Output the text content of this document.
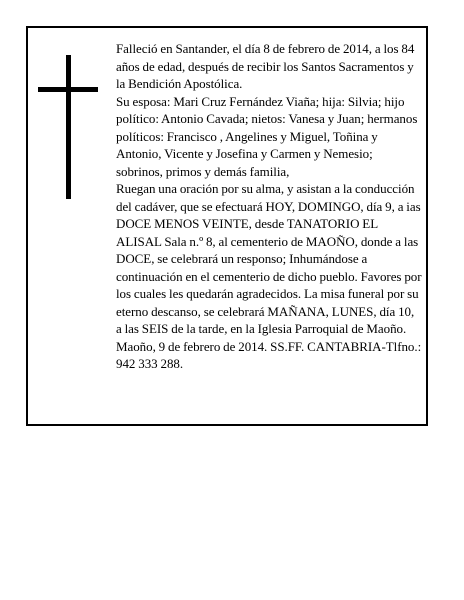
Falleció en Santander, el día 8 de febrero de 2014, a los 84 años de edad, después de recibir los Santos Sacramentos y la Bendición Apostólica.

Su esposa: Mari Cruz Fernández Viaña; hija: Silvia; hijo político: Antonio Cavada; nietos: Vanesa y Juan; hermanos políticos: Francisco , Angelines y Miguel, Toñina y Antonio, Vicente y Josefina y Carmen y Nemesio; sobrinos, primos y demás familia,

Ruegan una oración por su alma, y asistan a la conducción del cadáver, que se efectuará HOY, DOMINGO, día 9, a ias DOCE MENOS VEINTE, desde TANATORIO EL ALISAL Sala n.º 8, al cementerio de MAOÑO, donde a las DOCE, se celebrará un responso; Inhumándose a continuación en el cementerio de dicho pueblo. Favores por los cuales les quedarán agradecidos. La misa funeral por su eterno descanso, se celebrará MAÑANA, LUNES, día 10, a las SEIS de la tarde, en la Iglesia Parroquial de Maoño.

Maoño, 9 de febrero de 2014. SS.FF. CANTABRIA-Tlfno.: 942 333 288.
